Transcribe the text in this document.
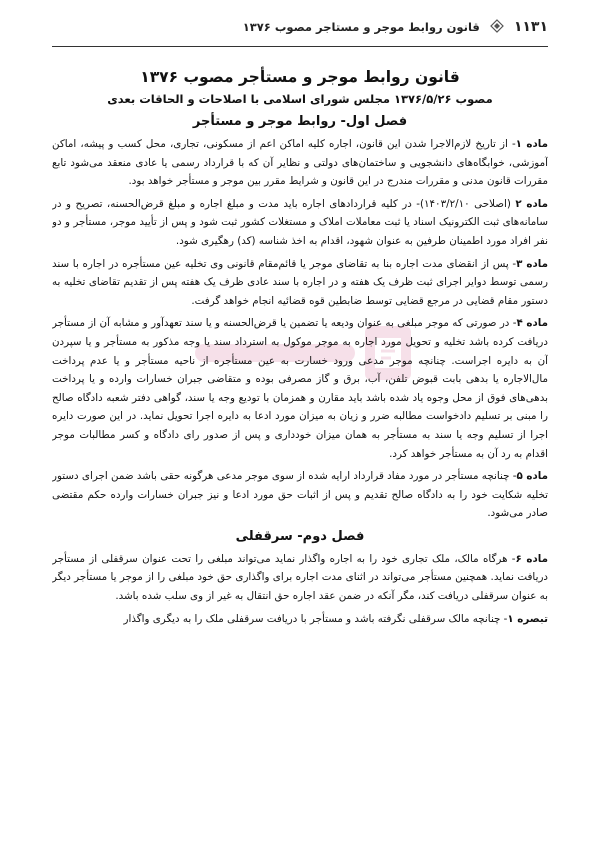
۱۱۳۱
قانون روابط موجر و مستاجر مصوب ۱۳۷۶
قانون روابط موجر و مستأجر مصوب ۱۳۷۶
مصوب ۱۳۷۶/۵/۲۶ مجلس شورای اسلامی با اصلاحات و الحاقات بعدی
فصل اول- روابط موجر و مستأجر

ماده ۱- از تاریخ لازم‌الاجرا شدن این قانون، اجاره کلیه اماکن اعم از مسکونی، تجاری، محل کسب و پیشه، اماکن آموزشی، خوابگاه‌های دانشجویی و ساختمان‌های دولتی و نظایر آن که با قرارداد رسمی یا عادی منعقد می‌شود تابع مقررات قانون مدنی و مقررات مندرج در این قانون و شرایط مقرر بین موجر و مستأجر خواهد بود.

ماده ۲ (اصلاحی ۱۴۰۳/۲/۱۰)- در کلیه قراردادهای اجاره باید مدت و مبلغ اجاره و مبلغ قرض‌الحسنه، تصریح و در سامانه‌های ثبت الکترونیک اسناد یا ثبت معاملات املاک و مستغلات کشور ثبت شود و پس از تأیید موجر، مستأجر و دو نفر افراد مورد اطمینان طرفین به عنوان شهود، اقدام به اخذ شناسه (کد) رهگیری شود.

ماده ۳- پس از انقضای مدت اجاره بنا به تقاضای موجر یا قائم‌مقام قانونی وی تخلیه عین مستأجره در اجاره با سند رسمی توسط دوایر اجرای ثبت ظرف یک هفته و در اجاره با سند عادی ظرف یک هفته پس از تقدیم تقاضای تخلیه به دستور مقام قضایی در مرجع قضایی توسط ضابطین قوه قضائیه انجام خواهد گرفت.

ماده ۴- در صورتی که موجر مبلغی به عنوان ودیعه یا تضمین یا قرض‌الحسنه و یا سند تعهدآور و مشابه آن از مستأجر دریافت کرده باشد تخلیه و تحویل مورد اجاره به موجر موکول به استرداد سند یا وجه مذکور به مستأجر و یا سپردن آن به دایره اجراست. چنانچه موجر مدعی ورود خسارت به عین مستأجره از ناحیه مستأجر و یا عدم پرداخت مال‌الاجاره یا بدهی بابت قبوض تلفن، آب، برق و گاز مصرفی بوده و متقاضی جبران خسارات وارده و یا پرداخت بدهی‌های فوق از محل وجوه یاد شده باشد باید مقارن و همزمان با تودیع وجه یا سند، گواهی دفتر شعبه دادگاه صالح را مبنی بر تسلیم دادخواست مطالبه ضرر و زیان به میزان مورد ادعا به دایره اجرا تحویل نماید. در این صورت دایره اجرا از تسلیم وجه یا سند به مستأجر به همان میزان خودداری و پس از صدور رای دادگاه و کسر مطالبات موجر اقدام به رد آن به مستأجر خواهد کرد.

ماده ۵- چنانچه مستأجر در مورد مفاد قرارداد ارایه شده از سوی موجر مدعی هرگونه حقی باشد ضمن اجرای دستور تخلیه شکایت خود را به دادگاه صالح تقدیم و پس از اثبات حق مورد ادعا و نیز جبران خسارات وارده حکم مقتضی صادر می‌شود.

فصل دوم- سرقفلی

ماده ۶- هرگاه مالک، ملک تجاری خود را به اجاره واگذار نماید می‌تواند مبلغی را تحت عنوان سرقفلی از مستأجر دریافت نماید. همچنین مستأجر می‌تواند در اثنای مدت اجاره برای واگذاری حق خود مبلغی را از موجر یا مستأجر دیگر به عنوان سرقفلی دریافت کند، مگر آنکه در ضمن عقد اجاره حق انتقال به غیر از وی سلب شده باشد.

تبصره ۱- چنانچه مالک سرقفلی نگرفته باشد و مستأجر با دریافت سرقفلی ملک را به دیگری واگذار
